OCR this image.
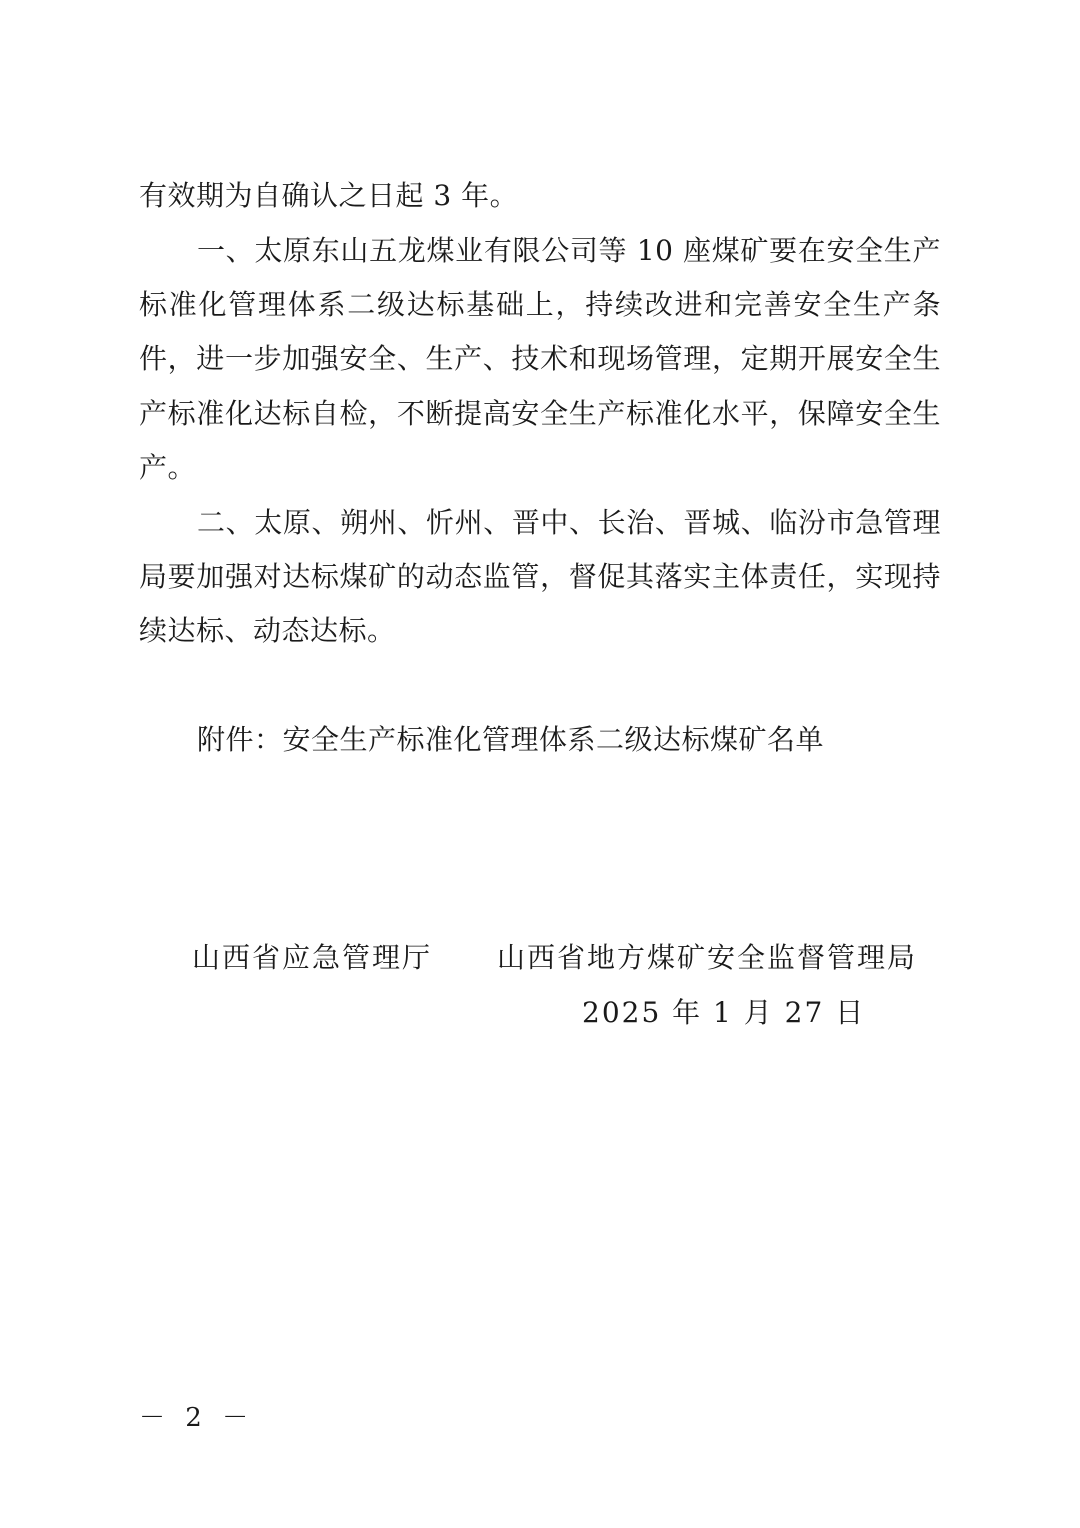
有效期为自确认之日起 3 年。
一、太原东山五龙煤业有限公司等 10 座煤矿要在安全生产
标准化管理体系二级达标基础上，持续改进和完善安全生产条
件，进一步加强安全、生产、技术和现场管理，定期开展安全生
产标准化达标自检，不断提高安全生产标准化水平，保障安全生
产。
二、太原、朔州、忻州、晋中、长治、晋城、临汾市急管理
局要加强对达标煤矿的动态监管，督促其落实主体责任，实现持
续达标、动态达标。
附件：安全生产标准化管理体系二级达标煤矿名单
山西省应急管理厅 山西省地方煤矿安全监督管理局
2025 年 1 月 27 日
－ 2 －
